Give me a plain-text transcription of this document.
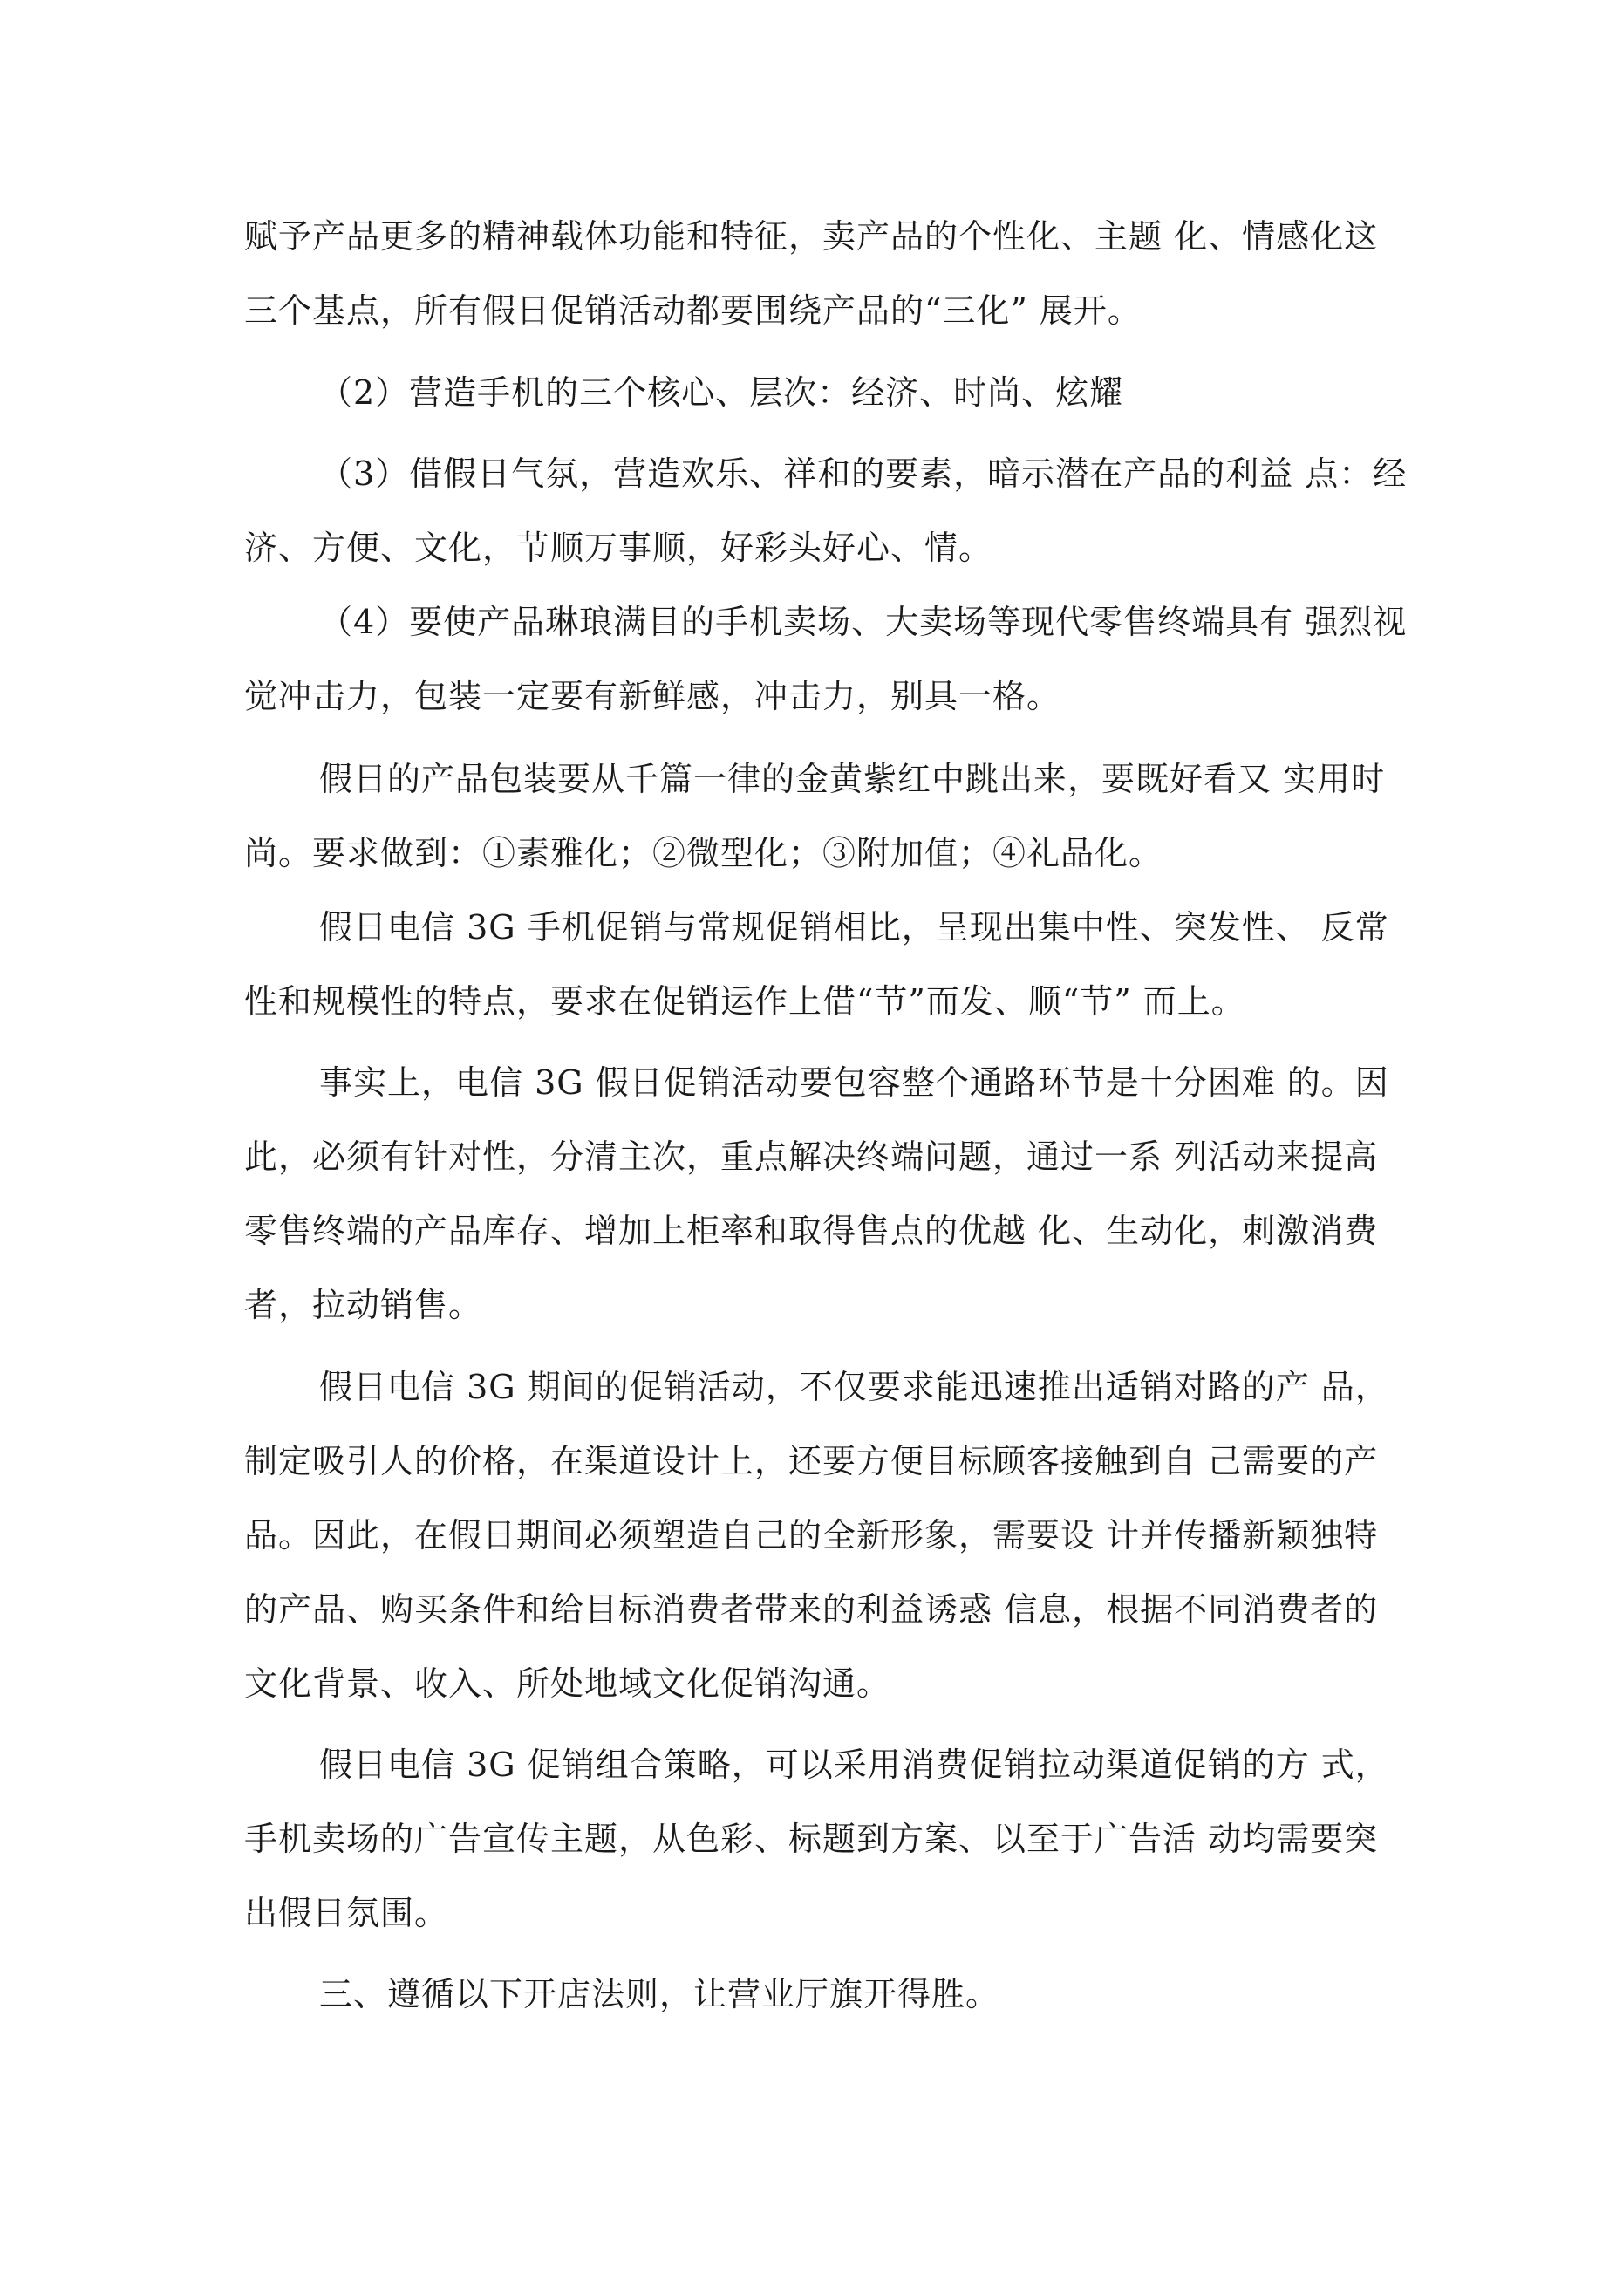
赋予产品更多的精神载体功能和特征，卖产品的个性化、主题 化、情感化这
三个基点，所有假日促销活动都要围绕产品的“三化” 展开。
（2）营造手机的三个核心、层次：经济、时尚、炫耀
（3）借假日气氛，营造欢乐、祥和的要素，暗示潜在产品的利益 点：经
济、方便、文化，节顺万事顺，好彩头好心、情。
（4）要使产品琳琅满目的手机卖场、大卖场等现代零售终端具有 强烈视
觉冲击力，包装一定要有新鲜感，冲击力，别具一格。
假日的产品包装要从千篇一律的金黄紫红中跳出来，要既好看又 实用时
尚。要求做到：①素雅化；②微型化；③附加值；④礼品化。
假日电信 3G 手机促销与常规促销相比，呈现出集中性、突发性、 反常
性和规模性的特点，要求在促销运作上借“节”而发、顺“节” 而上。
事实上，电信 3G 假日促销活动要包容整个通路环节是十分困难 的。因
此，必须有针对性，分清主次，重点解决终端问题，通过一系 列活动来提高
零售终端的产品库存、增加上柜率和取得售点的优越 化、生动化，刺激消费
者，拉动销售。
假日电信 3G 期间的促销活动，不仅要求能迅速推出适销对路的产 品，
制定吸引人的价格，在渠道设计上，还要方便目标顾客接触到自 己需要的产
品。因此，在假日期间必须塑造自己的全新形象，需要设 计并传播新颖独特
的产品、购买条件和给目标消费者带来的利益诱惑 信息，根据不同消费者的
文化背景、收入、所处地域文化促销沟通。
假日电信 3G 促销组合策略，可以采用消费促销拉动渠道促销的方 式，
手机卖场的广告宣传主题，从色彩、标题到方案、以至于广告活 动均需要突
出假日氛围。
三、遵循以下开店法则，让营业厅旗开得胜。
